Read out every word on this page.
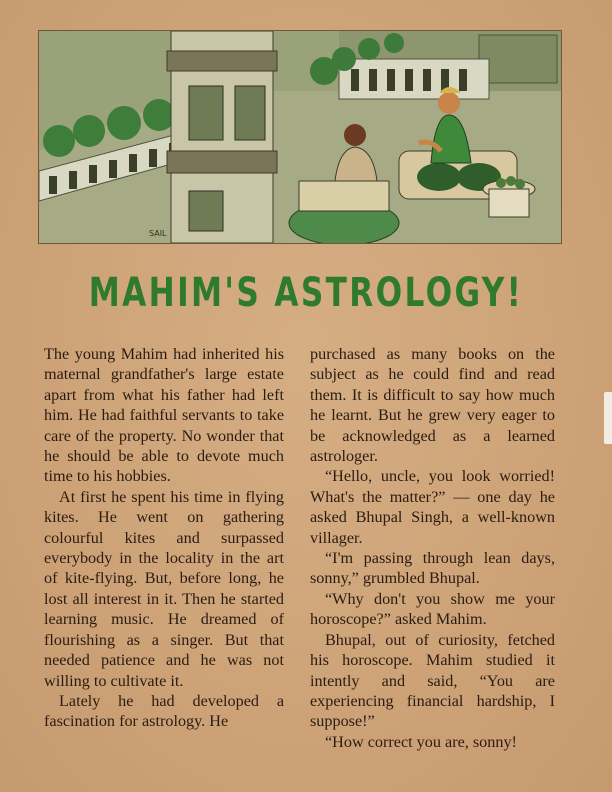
SAIL
MAHIM'S ASTROLOGY!

The young Mahim had inherited his maternal grandfather's large estate apart from what his father had left him. He had faithful servants to take care of the property. No wonder that he should be able to devote much time to his hobbies.

At first he spent his time in flying kites. He went on gathering colourful kites and surpassed everybody in the locality in the art of kite-flying. But, before long, he lost all interest in it. Then he started learning music. He dreamed of flourishing as a singer. But that needed patience and he was not willing to cultivate it.

Lately he had developed a fascination for astrology. He

purchased as many books on the subject as he could find and read them. It is difficult to say how much he learnt. But he grew very eager to be acknowledged as a learned astrologer.

“Hello, uncle, you look worried! What's the matter?” — one day he asked Bhupal Singh, a well-known villager.

“I'm passing through lean days, sonny,” grumbled Bhupal.

“Why don't you show me your horoscope?” asked Mahim.

Bhupal, out of curiosity, fetched his horoscope. Mahim studied it intently and said, “You are experiencing financial hardship, I suppose!”

“How correct you are, sonny!
